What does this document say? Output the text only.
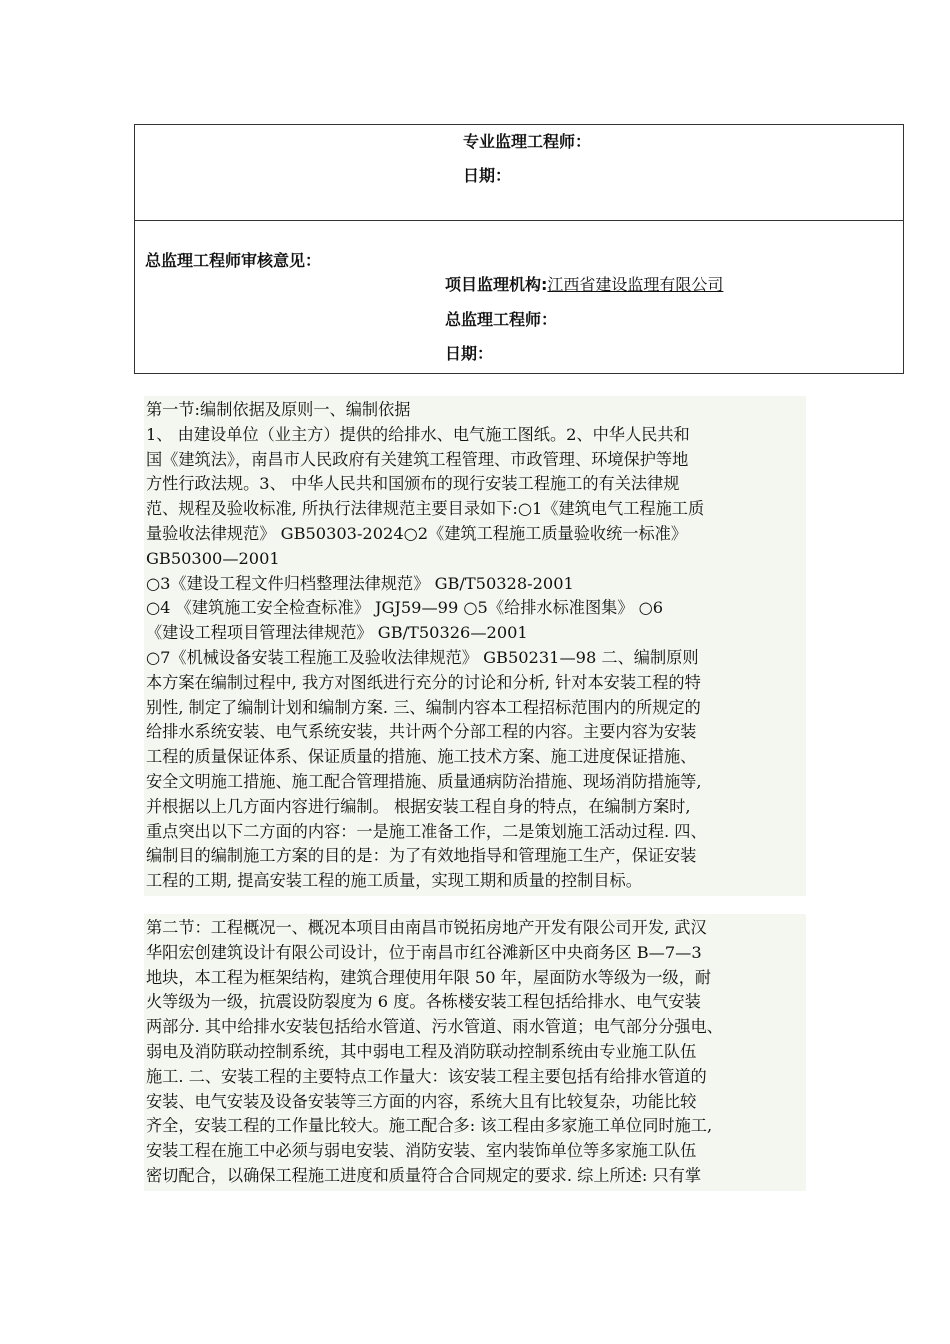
专业监理工程师：
日期：
总监理工程师审核意见：
项目监理机构:江西省建设监理有限公司
总监理工程师：
日期：
第一节:编制依据及原则一、编制依据
1、 由建设单位（业主方）提供的给排水、电气施工图纸。2、中华人民共和
国《建筑法》，南昌市人民政府有关建筑工程管理、市政管理、环境保护等地
方性行政法规。3、 中华人民共和国颁布的现行安装工程施工的有关法律规
范、规程及验收标准, 所执行法律规范主要目录如下:○1《建筑电气工程施工质
量验收法律规范》 GB50303-2024○2《建筑工程施工质量验收统一标准》
GB50300—2001
○3《建设工程文件归档整理法律规范》 GB/T50328-2001
○4 《建筑施工安全检查标准》 JGJ59—99 ○5《给排水标准图集》 ○6
《建设工程项目管理法律规范》 GB/T50326—2001
○7《机械设备安装工程施工及验收法律规范》 GB50231—98 二、编制原则
本方案在编制过程中, 我方对图纸进行充分的讨论和分析, 针对本安装工程的特
别性, 制定了编制计划和编制方案. 三、编制内容本工程招标范围内的所规定的
给排水系统安装、电气系统安装，共计两个分部工程的内容。主要内容为安装
工程的质量保证体系、保证质量的措施、施工技术方案、施工进度保证措施、
安全文明施工措施、施工配合管理措施、质量通病防治措施、现场消防措施等,
并根据以上几方面内容进行编制。 根据安装工程自身的特点，在编制方案时,
重点突出以下二方面的内容：一是施工准备工作，二是策划施工活动过程. 四、
编制目的编制施工方案的目的是：为了有效地指导和管理施工生产，保证安装
工程的工期, 提高安装工程的施工质量，实现工期和质量的控制目标。
第二节：工程概况一、概况本项目由南昌市锐拓房地产开发有限公司开发, 武汉
华阳宏创建筑设计有限公司设计，位于南昌市红谷滩新区中央商务区 B—7—3
地块，本工程为框架结构，建筑合理使用年限 50 年，屋面防水等级为一级，耐
火等级为一级，抗震设防裂度为 6 度。各栋楼安装工程包括给排水、电气安装
两部分. 其中给排水安装包括给水管道、污水管道、雨水管道；电气部分分强电、
弱电及消防联动控制系统，其中弱电工程及消防联动控制系统由专业施工队伍
施工. 二、安装工程的主要特点工作量大：该安装工程主要包括有给排水管道的
安装、电气安装及设备安装等三方面的内容，系统大且有比较复杂，功能比较
齐全，安装工程的工作量比较大。施工配合多: 该工程由多家施工单位同时施工,
安装工程在施工中必须与弱电安装、消防安装、室内装饰单位等多家施工队伍
密切配合，以确保工程施工进度和质量符合合同规定的要求. 综上所述: 只有掌
